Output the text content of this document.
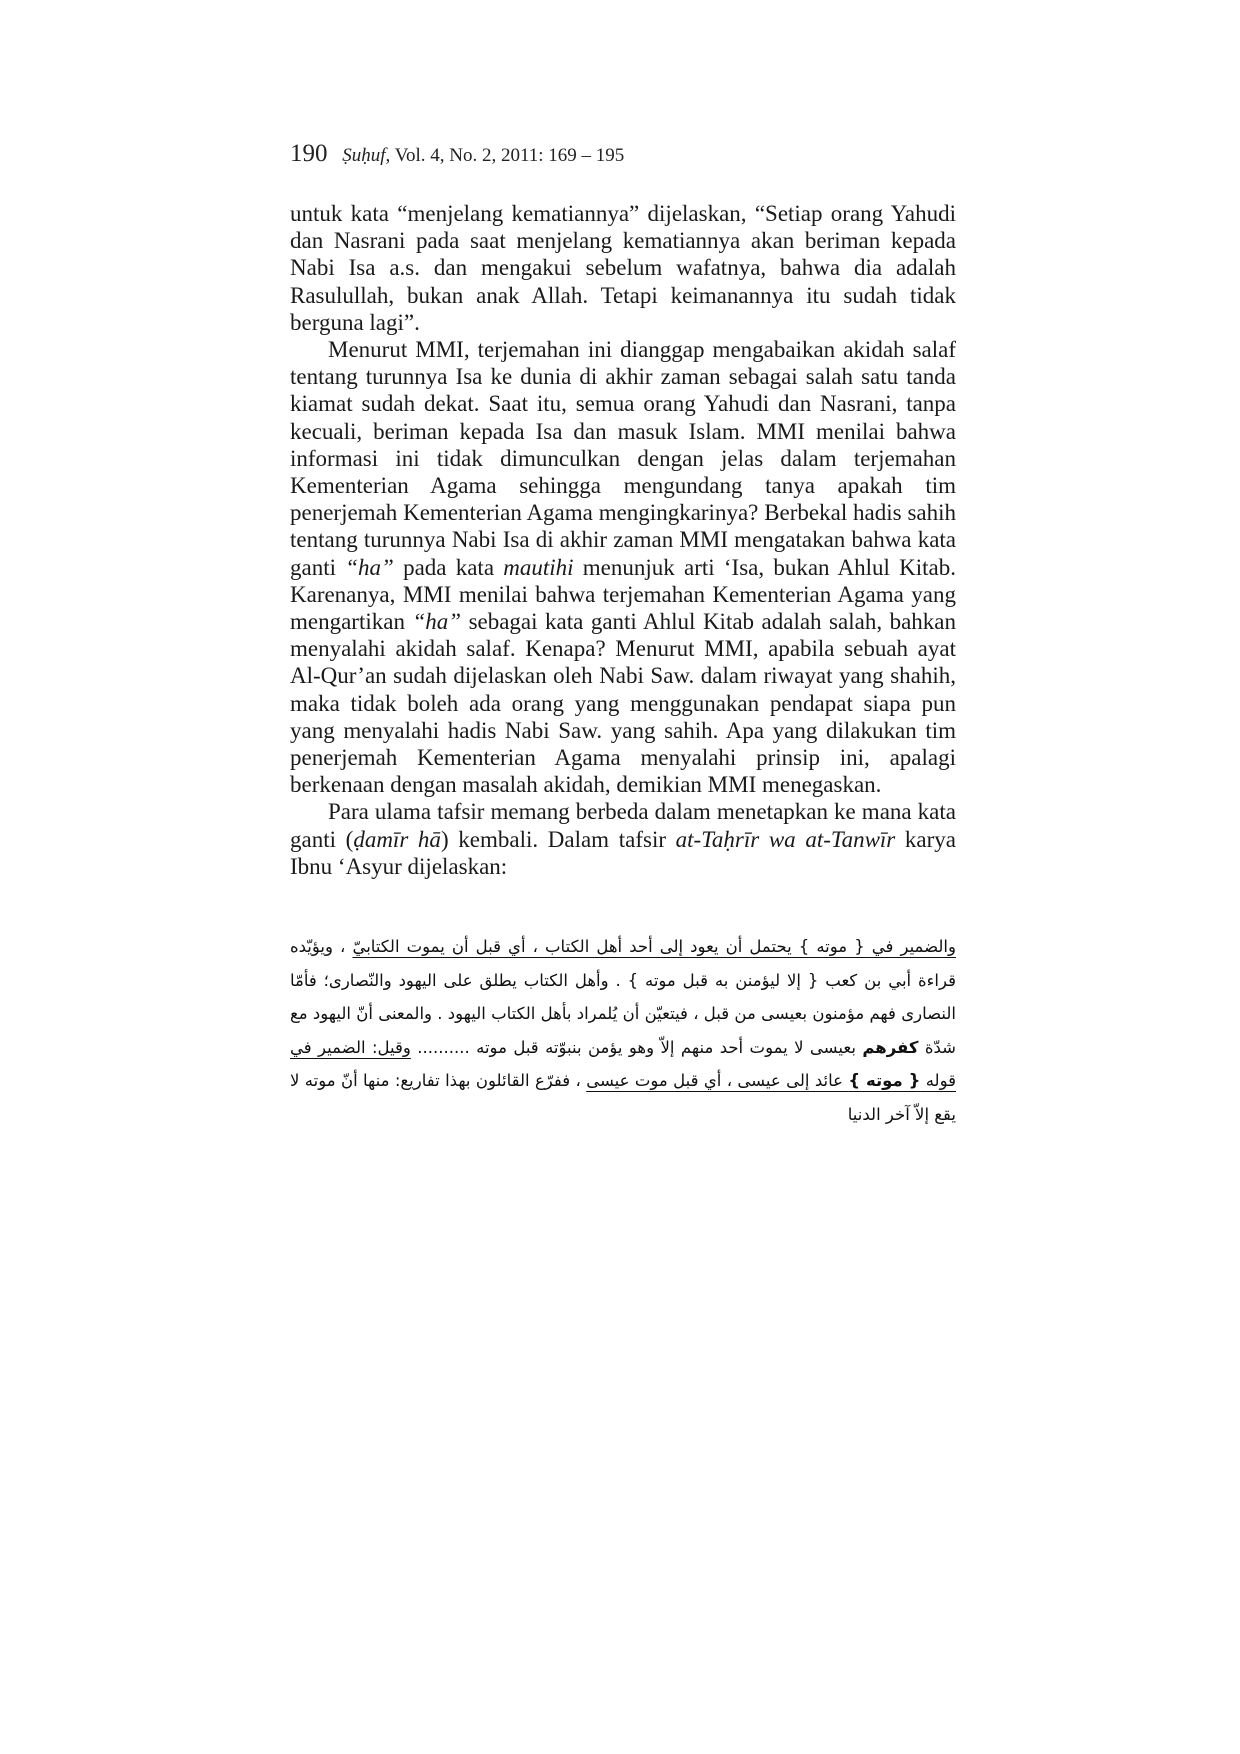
190 Ṣuḥuf, Vol. 4, No. 2, 2011: 169 – 195

untuk kata “menjelang kematiannya” dijelaskan, “Setiap orang Yahudi dan Nasrani pada saat menjelang kematiannya akan beriman kepada Nabi Isa a.s. dan mengakui sebelum wafatnya, bahwa dia adalah Rasulullah, bukan anak Allah. Tetapi keimanannya itu sudah tidak berguna lagi”.

Menurut MMI, terjemahan ini dianggap mengabaikan akidah salaf tentang turunnya Isa ke dunia di akhir zaman sebagai salah satu tanda kiamat sudah dekat. Saat itu, semua orang Yahudi dan Nasrani, tanpa kecuali, beriman kepada Isa dan masuk Islam. MMI menilai bahwa informasi ini tidak dimunculkan dengan jelas dalam terjemahan Kementerian Agama sehingga mengundang tanya apakah tim penerjemah Kementerian Agama mengingkarinya? Berbekal hadis sahih tentang turunnya Nabi Isa di akhir zaman MMI mengatakan bahwa kata ganti “ha” pada kata mautihi menunjuk arti ‘Isa, bukan Ahlul Kitab. Karenanya, MMI menilai bahwa terjemahan Kementerian Agama yang mengartikan “ha” sebagai kata ganti Ahlul Kitab adalah salah, bahkan menyalahi akidah salaf. Kenapa? Menurut MMI, apabila sebuah ayat Al-Qur’an sudah dijelaskan oleh Nabi Saw. dalam riwayat yang shahih, maka tidak boleh ada orang yang menggunakan pendapat siapa pun yang menyalahi hadis Nabi Saw. yang sahih. Apa yang dilakukan tim penerjemah Kementerian Agama menyalahi prinsip ini, apalagi berkenaan dengan masalah akidah, demikian MMI menegaskan.

Para ulama tafsir memang berbeda dalam menetapkan ke mana kata ganti (ḍamīr hā) kembali. Dalam tafsir at-Taḥrīr wa at-Tanwīr karya Ibnu ‘Asyur dijelaskan:

والضمير في { موته } يحتمل أن يعود إلى أحد أهل الكتاب ، أي قبل أن يموت الكتابيّ ، ويؤيّده قراءة أبي بن كعب { إلا ليؤمنن به قبل موته } . وأهل الكتاب يطلق على اليهود والنّصارى؛ فأمّا النصارى فهم مؤمنون بعيسى من قبل ، فيتعيّن أن يُلمراد بأهل الكتاب اليهود . والمعنى أنّ اليهود مع شدّة كفرهم بعيسى لا يموت أحد منهم إلاّ وهو يؤمن بنبوّته قبل موته .......... وقيل: الضمير في قوله { موته } عائد إلى عيسى ، أي قبل موت عيسى ، ففرّع القائلون بهذا تفاريع: منها أنّ موته لا يقع إلاّ آخر الدنيا
